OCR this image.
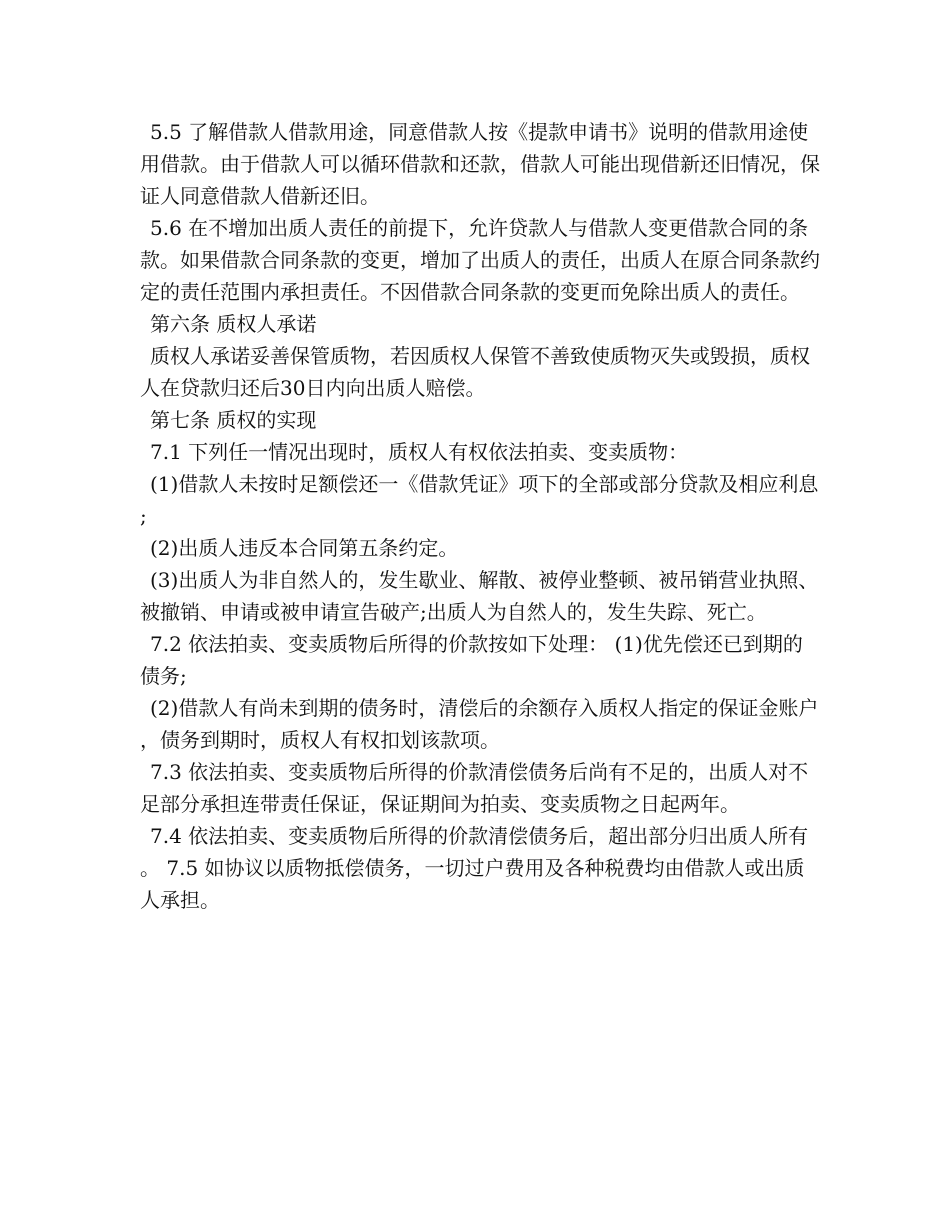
5.5 了解借款人借款用途，同意借款人按《提款申请书》说明的借款用途使用借款。由于借款人可以循环借款和还款，借款人可能出现借新还旧情况，保证人同意借款人借新还旧。

5.6 在不增加出质人责任的前提下，允许贷款人与借款人变更借款合同的条款。如果借款合同条款的变更，增加了出质人的责任，出质人在原合同条款约定的责任范围内承担责任。不因借款合同条款的变更而免除出质人的责任。

第六条 质权人承诺

质权人承诺妥善保管质物，若因质权人保管不善致使质物灭失或毁损，质权人在贷款归还后30日内向出质人赔偿。

第七条 质权的实现

7.1 下列任一情况出现时，质权人有权依法拍卖、变卖质物：

(1)借款人未按时足额偿还一《借款凭证》项下的全部或部分贷款及相应利息;

(2)出质人违反本合同第五条约定。

(3)出质人为非自然人的，发生歇业、解散、被停业整顿、被吊销营业执照、被撤销、申请或被申请宣告破产;出质人为自然人的，发生失踪、死亡。

7.2 依法拍卖、变卖质物后所得的价款按如下处理： (1)优先偿还已到期的债务;

(2)借款人有尚未到期的债务时，清偿后的余额存入质权人指定的保证金账户，债务到期时，质权人有权扣划该款项。

7.3 依法拍卖、变卖质物后所得的价款清偿债务后尚有不足的，出质人对不足部分承担连带责任保证，保证期间为拍卖、变卖质物之日起两年。

7.4 依法拍卖、变卖质物后所得的价款清偿债务后，超出部分归出质人所有。 7.5 如协议以质物抵偿债务，一切过户费用及各种税费均由借款人或出质人承担。
